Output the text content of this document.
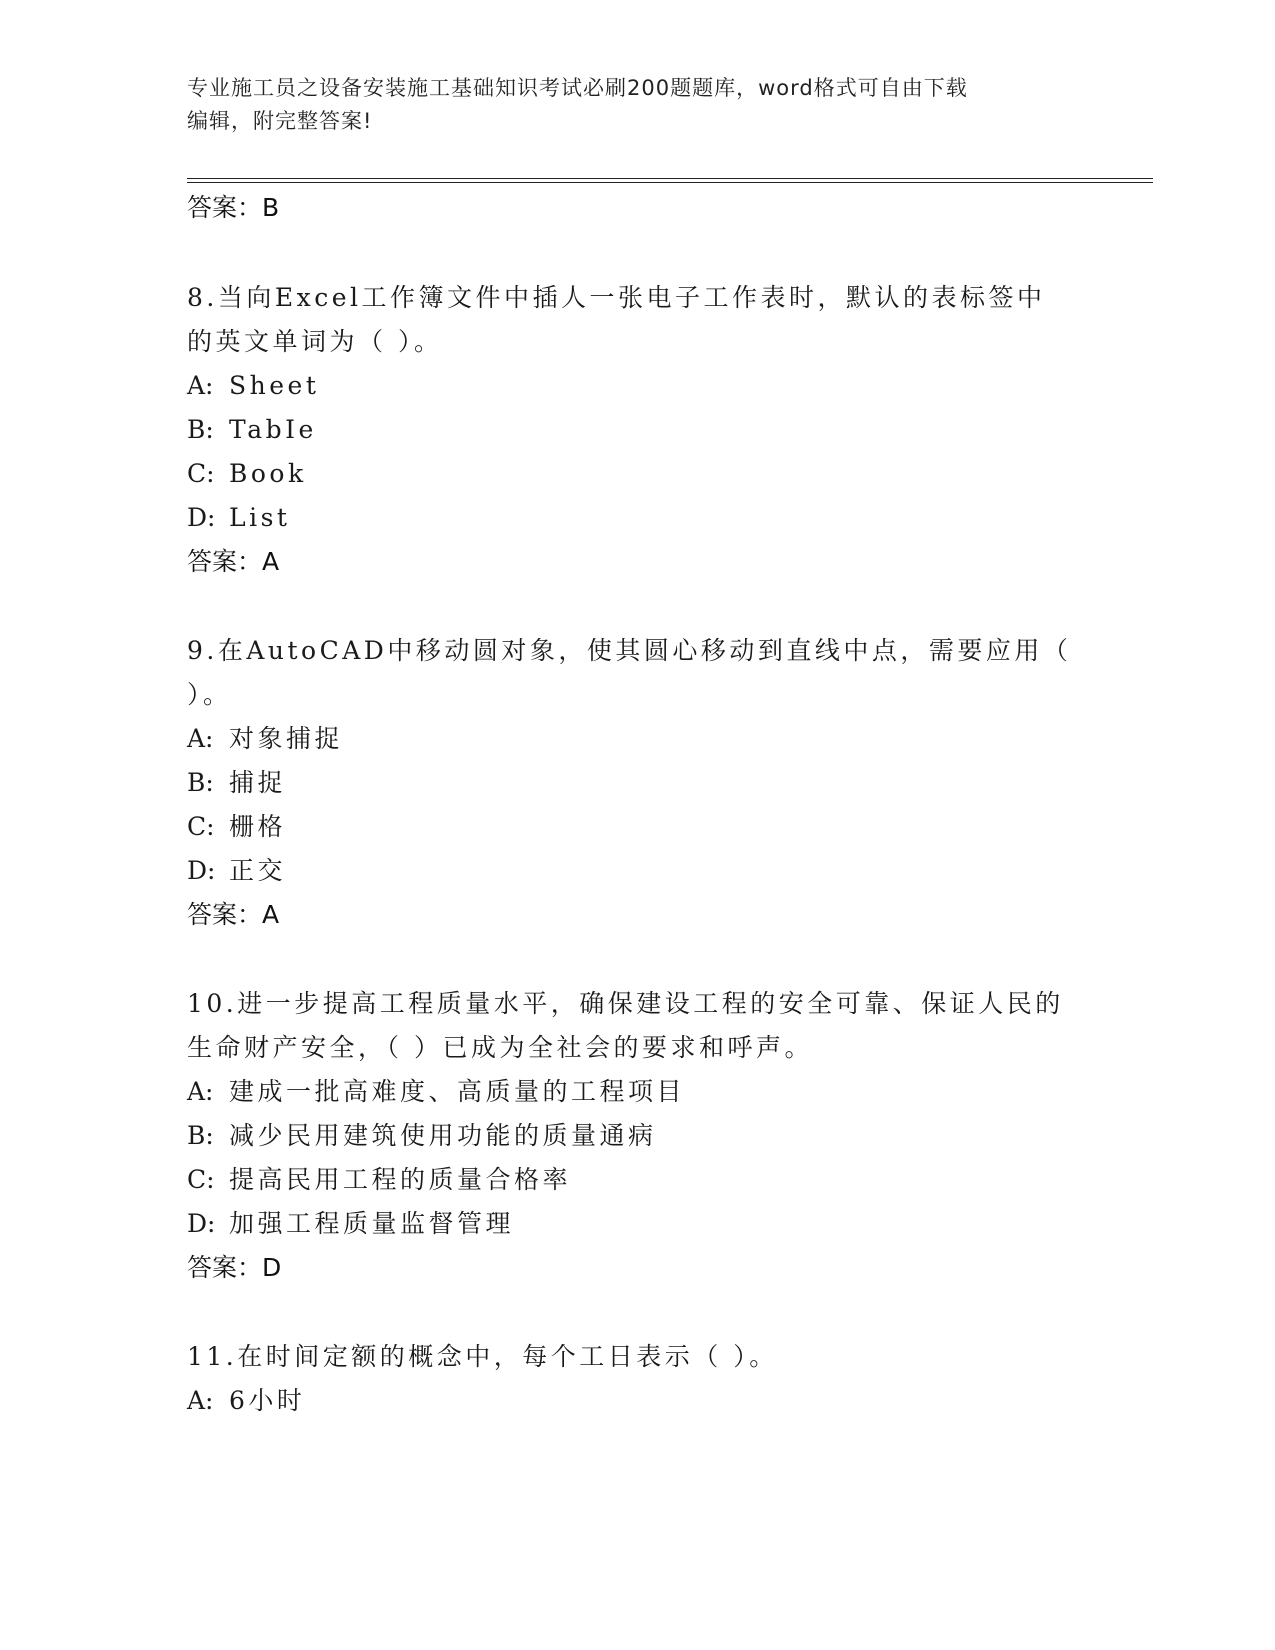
专业施工员之设备安装施工基础知识考试必刷200题题库，word格式可自由下载
编辑，附完整答案!
答案：B
8.当向Excel工作簿文件中插人一张电子工作表时，默认的表标签中
的英文单词为（ ）。
A: Sheet
B: TabIe
C: Book
D: List
答案：A
9.在AutoCAD中移动圆对象，使其圆心移动到直线中点，需要应用（
）。
A: 对象捕捉
B: 捕捉
C: 栅格
D: 正交
答案：A
10.进一步提高工程质量水平，确保建设工程的安全可靠、保证人民的
生命财产安全，（ ）已成为全社会的要求和呼声。
A: 建成一批高难度、高质量的工程项目
B: 减少民用建筑使用功能的质量通病
C: 提高民用工程的质量合格率
D: 加强工程质量监督管理
答案：D
11.在时间定额的概念中，每个工日表示（ ）。
A: 6小时
